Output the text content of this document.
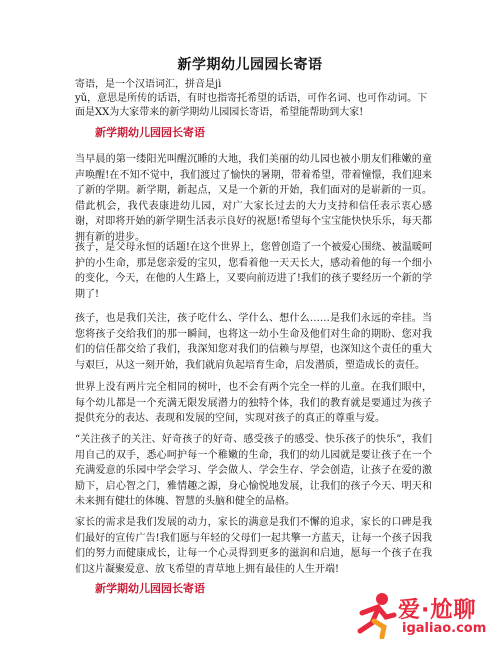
新学期幼儿园园长寄语

寄语，是一个汉语词汇，拼音是jì

yǔ，意思是所传的话语，有时也指寄托希望的话语，可作名词、也可作动词。下面是XX为大家带来的新学期幼儿园园长寄语，希望能帮助到大家!

新学期幼儿园园长寄语

当早晨的第一缕阳光叫醒沉睡的大地，我们美丽的幼儿园也被小朋友们稚嫩的童声唤醒!在不知不觉中，我们渡过了愉快的暑期，带着希望，带着憧憬，我们迎来了新的学期。新学期，新起点，又是一个新的开始，我们面对的是崭新的一页。借此机会，我代表康进幼儿园，对广大家长过去的大力支持和信任表示衷心感谢，对即将开始的新学期生活表示良好的祝愿!希望每个宝宝能快快乐乐，每天都拥有新的进步。

孩子，是父母永恒的话题!在这个世界上，您曾创造了一个被爱心围绕、被温暖呵护的小生命，那是您亲爱的宝贝，您看着他一天天长大，感动着他的每一个细小的变化，今天，在他的人生路上，又要向前迈进了!我们的孩子要经历一个新的学期了!

孩子，也是我们关注，孩子吃什么、学什么、想什么……是我们永远的牵挂。当您将孩子交给我们的那一瞬间，也将这一幼小生命及他们对生命的期盼、您对我们的信任都交给了我们，我深知您对我们的信赖与厚望，也深知这个责任的重大与艰巨，从这一刻开始，我们就肩负起培育生命，启发潜质，塑造成长的责任。

世界上没有两片完全相同的树叶，也不会有两个完全一样的儿童。在我们眼中，每个幼儿都是一个充满无限发展潜力的独特个体，我们的教育就是要通过为孩子提供充分的表达、表现和发展的空间，实现对孩子的真正的尊重与爱。

“关注孩子的关注、好奇孩子的好奇、感受孩子的感受、快乐孩子的快乐”，我们用自己的双手，悉心呵护每一个稚嫩的生命，我们的幼儿园就是要让孩子在一个充满爱意的乐园中学会学习、学会做人、学会生存、学会创造，让孩子在爱的激励下，启心智之门，雅情趣之源，身心愉悦地发展，让我们的孩子今天、明天和未来拥有健壮的体魄、智慧的头脑和健全的品格。

家长的需求是我们发展的动力，家长的满意是我们不懈的追求，家长的口碑是我们最好的宣传广告!我们愿与年轻的父母们一起共擎一方蓝天，让每一个孩子因我们的努力而健康成长，让每一个心灵得到更多的滋润和启迪，愿每一个孩子在我们这片凝聚爱意、放飞希望的青草地上拥有最佳的人生开端!

新学期幼儿园园长寄语
爱·尬聊
igaliao.com
